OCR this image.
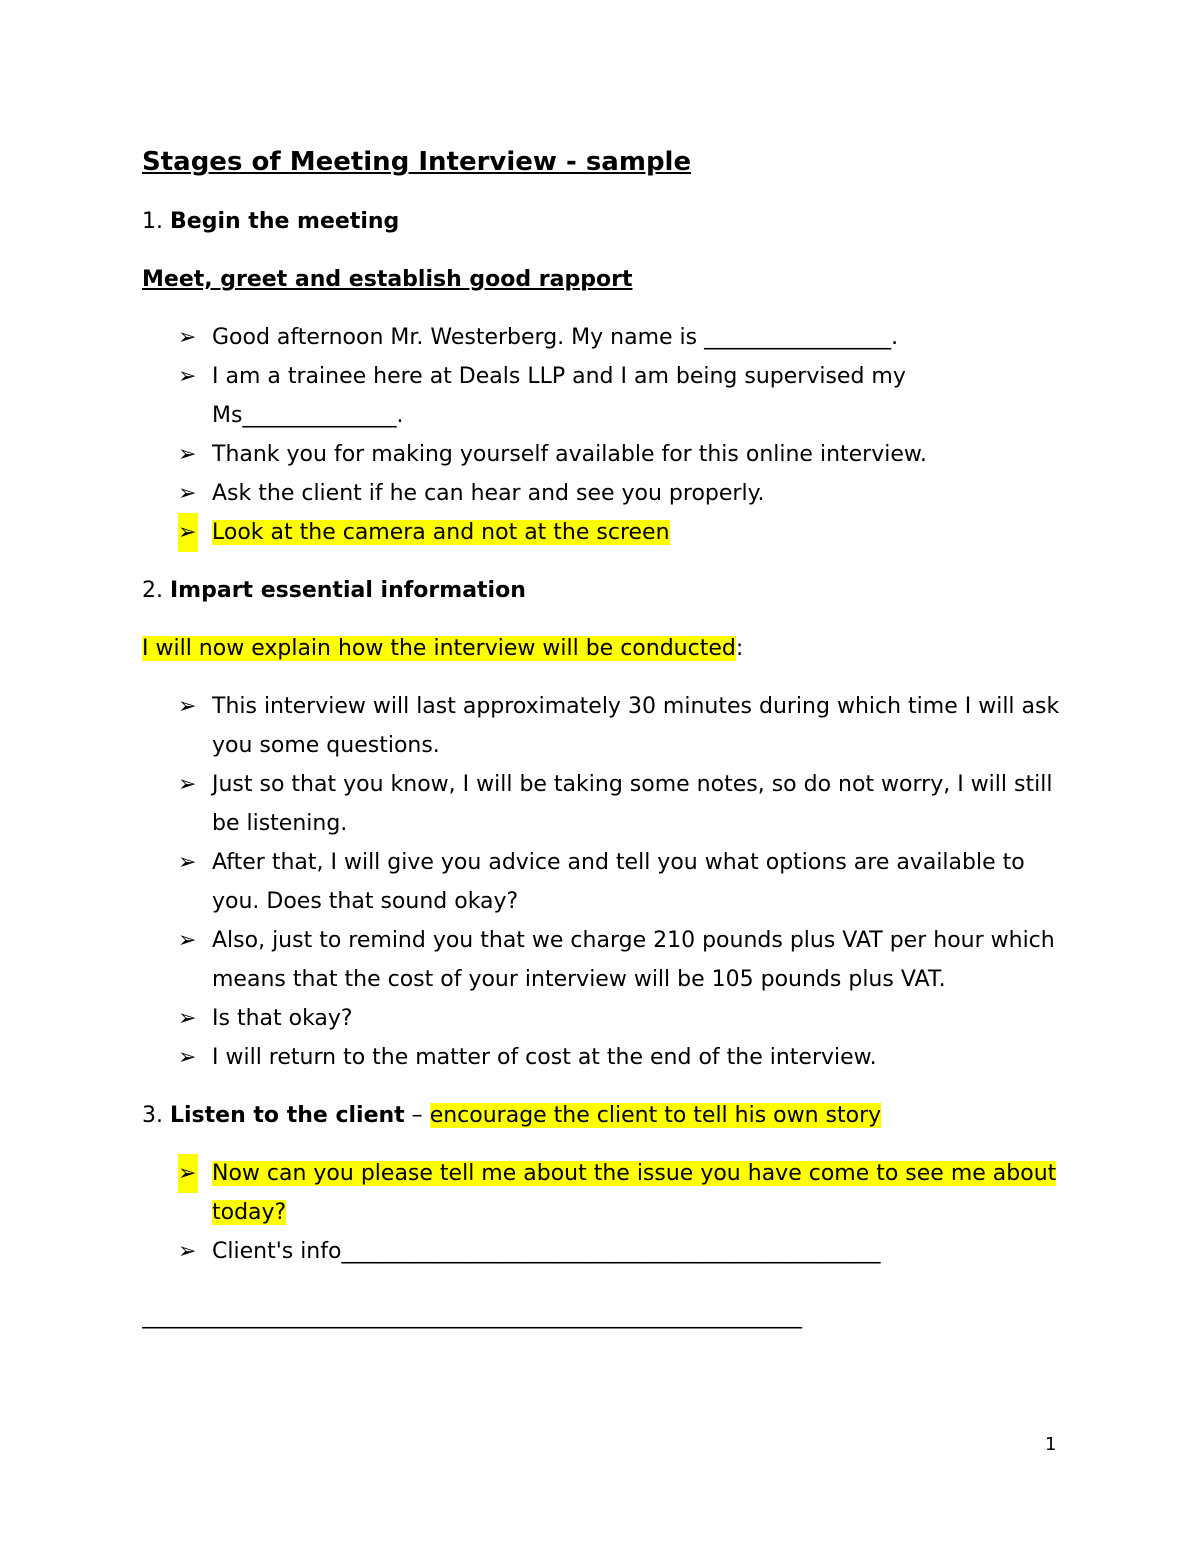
Stages of Meeting Interview - sample
1. Begin the meeting
Meet, greet and establish good rapport
➢ Good afternoon Mr. Westerberg. My name is _________________.
➢ I am a trainee here at Deals LLP and I am being supervised my Ms______________.
➢ Thank you for making yourself available for this online interview.
➢ Ask the client if he can hear and see you properly.
➢ Look at the camera and not at the screen
2. Impart essential information
I will now explain how the interview will be conducted:
➢ This interview will last approximately 30 minutes during which time I will ask you some questions.
➢ Just so that you know, I will be taking some notes, so do not worry, I will still be listening.
➢ After that, I will give you advice and tell you what options are available to you. Does that sound okay?
➢ Also, just to remind you that we charge 210 pounds plus VAT per hour which means that the cost of your interview will be 105 pounds plus VAT.
➢ Is that okay?
➢ I will return to the matter of cost at the end of the interview.
3. Listen to the client – encourage the client to tell his own story
➢ Now can you please tell me about the issue you have come to see me about today?
➢ Client's info_________________________________________________
____________________________________________________________
1
